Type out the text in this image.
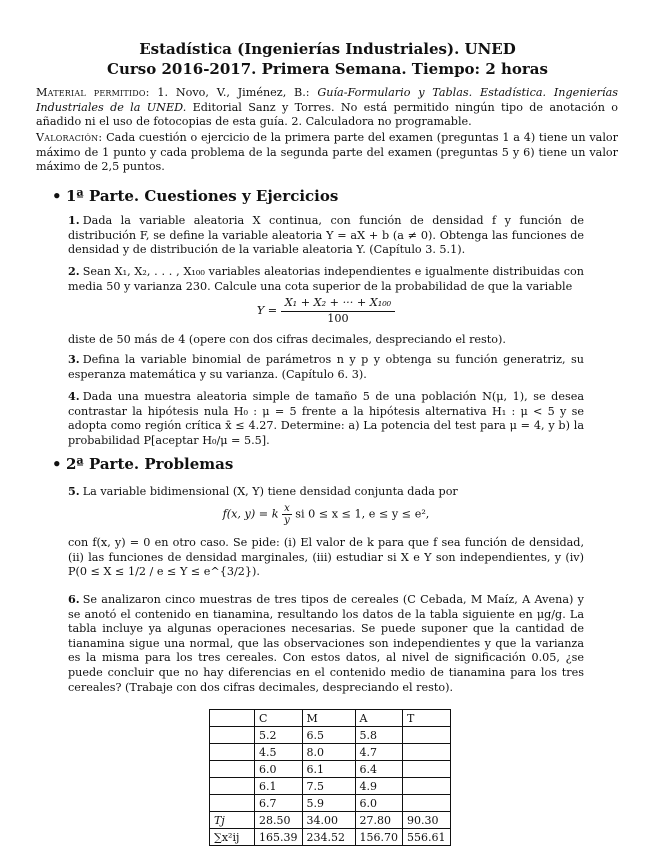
Estadística (Ingenierías Industriales). UNED
Curso 2016-2017. Primera Semana. Tiempo: 2 horas
Material permitido: 1. Novo, V., Jiménez, B.: Guía-Formulario y Tablas. Estadística. Ingenierías Industriales de la UNED. Editorial Sanz y Torres. No está permitido ningún tipo de anotación o añadido ni el uso de fotocopias de esta guía. 2. Calculadora no programable.
Valoración: Cada cuestión o ejercicio de la primera parte del examen (preguntas 1 a 4) tiene un valor máximo de 1 punto y cada problema de la segunda parte del examen (preguntas 5 y 6) tiene un valor máximo de 2,5 puntos.
• 1ª Parte. Cuestiones y Ejercicios
1. Dada la variable aleatoria X continua, con función de densidad f y función de distribución F, se define la variable aleatoria Y = aX + b (a ≠ 0). Obtenga las funciones de densidad y de distribución de la variable aleatoria Y. (Capítulo 3. 5.1).
2. Sean X₁, X₂, . . . , X₁₀₀ variables aleatorias independientes e igualmente distribuidas con media 50 y varianza 230. Calcule una cota superior de la probabilidad de que la variable
$Y = \frac{\text{X₁ + X₂ + ··· + X₁₀₀}}{100}$
diste de 50 más de 4 (opere con dos cifras decimales, despreciando el resto).
3. Defina la variable binomial de parámetros n y p y obtenga su función generatriz, su esperanza matemática y su varianza. (Capítulo 6. 3).
4. Dada una muestra aleatoria simple de tamaño 5 de una población N(μ, 1), se desea contrastar la hipótesis nula H₀ : μ = 5 frente a la hipótesis alternativa H₁ : μ < 5 y se adopta como región crítica x̄ ≤ 4.27. Determine: a) La potencia del test para μ = 4, y b) la probabilidad P[aceptar H₀/μ = 5.5].
• 2ª Parte. Problemas
5. La variable bidimensional (X, Y) tiene densidad conjunta dada por
f(x, y) = k $\frac{x}{y}$ si 0 ≤ x ≤ 1, e ≤ y ≤ e²,
con f(x, y) = 0 en otro caso. Se pide: (i) El valor de k para que f sea función de densidad, (ii) las funciones de densidad marginales, (iii) estudiar si X e Y son independientes, y (iv) P(0 ≤ X ≤ 1/2 / e ≤ Y ≤ e^{3/2}).
6. Se analizaron cinco muestras de tres tipos de cereales (C Cebada, M Maíz, A Avena) y se anotó el contenido en tianamina, resultando los datos de la tabla siguiente en μg/g. La tabla incluye ya algunas operaciones necesarias. Se puede suponer que la cantidad de tianamina sigue una normal, que las observaciones son independientes y que la varianza es la misma para los tres cereales. Con estos datos, al nivel de significación 0.05, ¿se puede concluir que no hay diferencias en el contenido medio de tianamina para los tres cereales? (Trabaje con dos cifras decimales, despreciando el resto).
	C	M	A	T
	5.2	6.5	5.8	
	4.5	8.0	4.7	
	6.0	6.1	6.4	
	6.1	7.5	4.9	
	6.7	5.9	6.0	
Tj	28.50	34.00	27.80	90.30
∑x²ij	165.39	234.52	156.70	556.61
